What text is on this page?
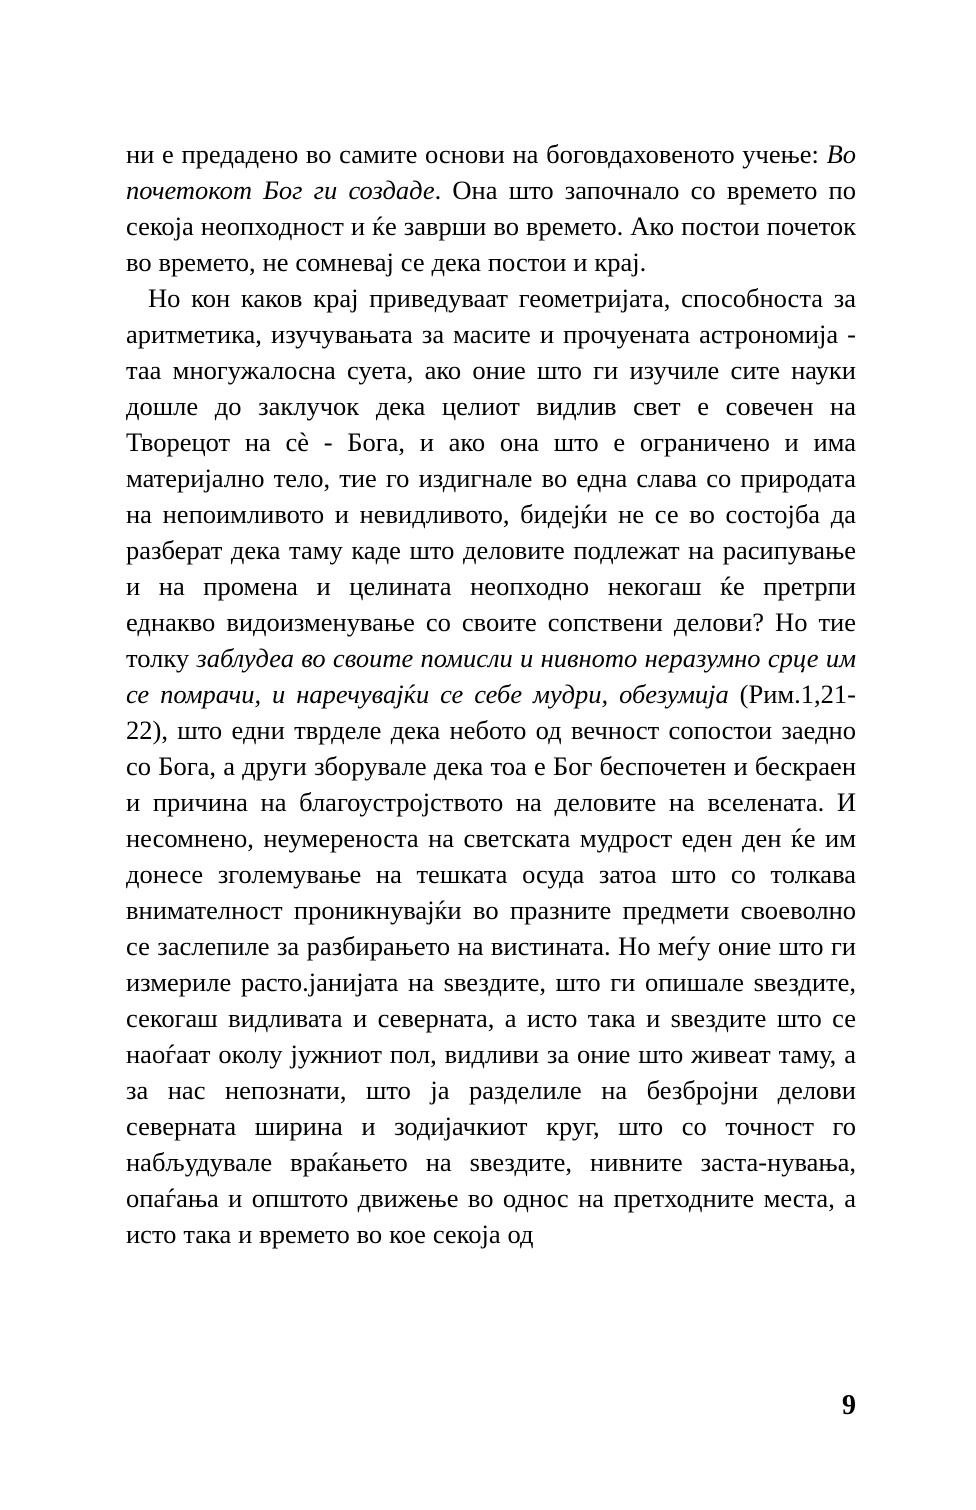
ни е предадено во самите основи на боговдаховеното учење: Во почетокот Бог ги создаде. Она што започнало со времето по секоја неопходност и ќе заврши во времето. Ако постои почеток во времето, не сомневај се дека постои и крај.

Но кон каков крај приведуваат геометријата, способноста за аритметика, изучувањата за масите и прочуената астрономија - таа многужалосна суета, ако оние што ги изучиле сите науки дошле до заклучок дека целиот видлив свет е совечен на Творецот на сѐ - Бога, и ако она што е ограничено и има материјално тело, тие го издигнале во една слава со природата на непоимливото и невидливото, бидејќи не се во состојба да разберат дека таму каде што деловите подлежат на расипување и на промена и целината неопходно некогаш ќе претрпи еднакво видоизменување со своите сопствени делови? Но тие толку заблудеа во своите помисли и нивното неразумно срце им се помрачи, и наречувајќи се себе мудри, обезумија (Рим.1,21-22), што едни тврделе дека небото од вечност сопостои заедно со Бога, а други зборувале дека тоа е Бог беспочетен и бескраен и причина на благоустројството на деловите на вселената. И несомнено, неумереноста на светската мудрост еден ден ќе им донесе зголемување на тешката осуда затоа што со толкава внимателност проникнувајќи во празните предмети своеволно се заслепиле за разбирањето на вистината. Но меѓу оние што ги измериле расто.јанијата на ѕвездите, што ги опишале ѕвездите, секогаш видливата и северната, а исто така и ѕвездите што се наоѓаат околу јужниот пол, видливи за оние што живеат таму, а за нас непознати, што ја разделиле на безбројни делови северната ширина и зодијачкиот круг, што со точност го набљудувале враќањето на ѕвездите, нивните заста-нувања, опаѓања и општото движење во однос на претходните места, а исто така и времето во кое секоја од

9
